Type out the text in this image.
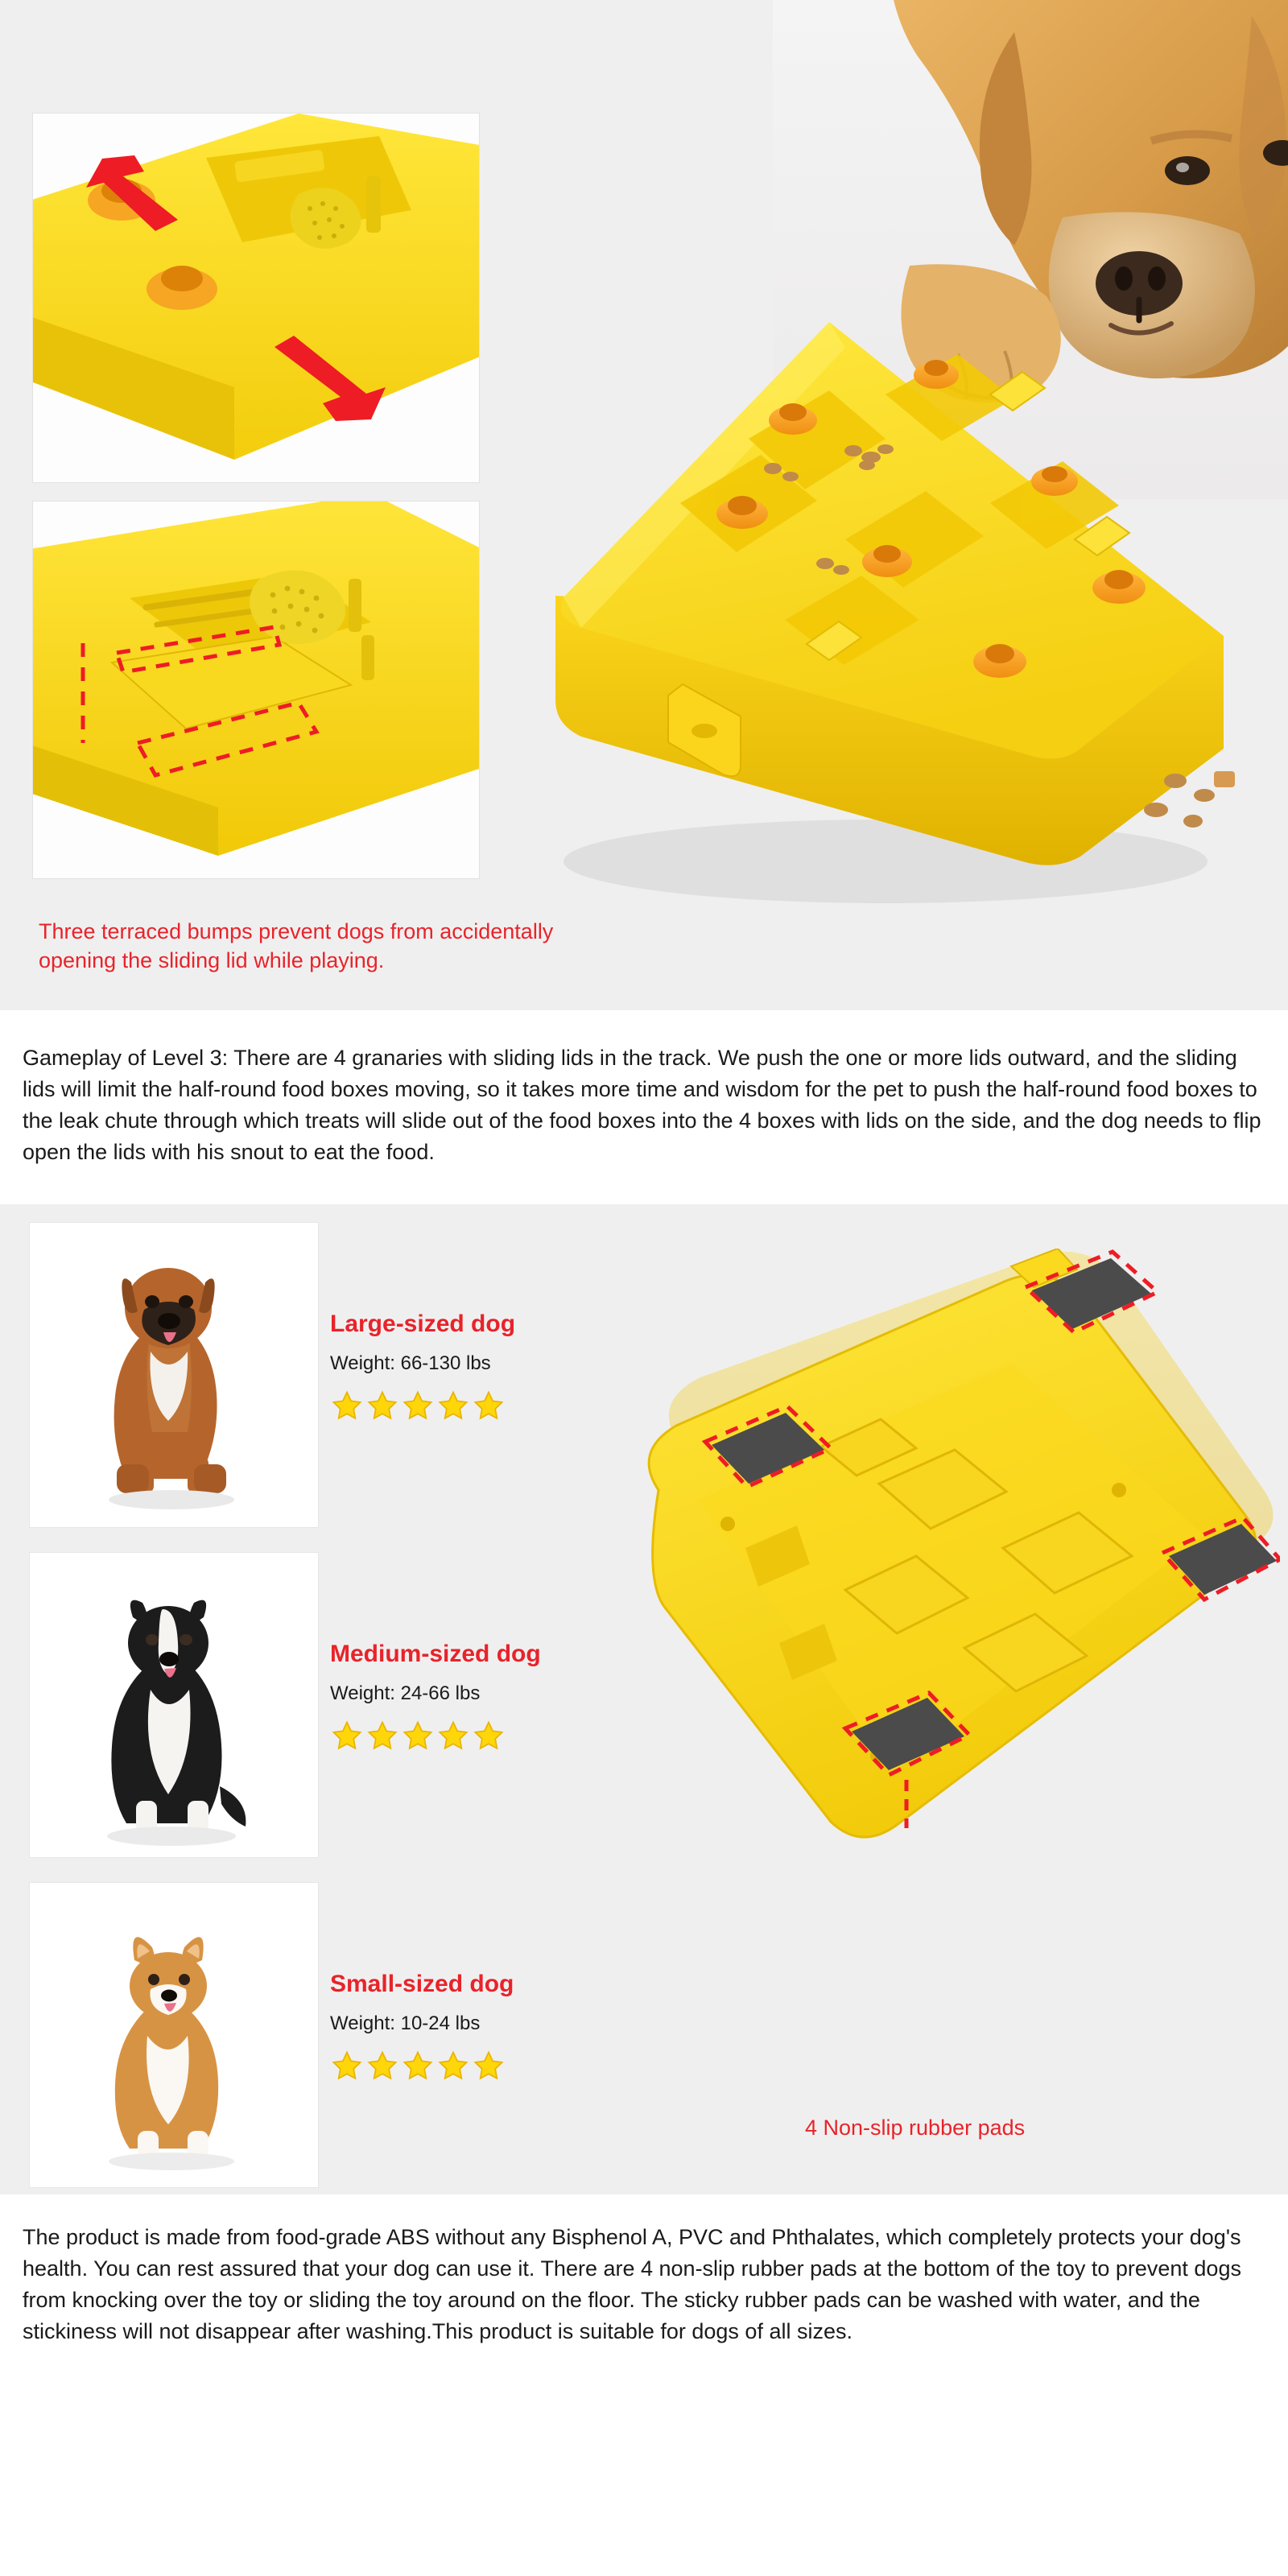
Three terraced bumps prevent dogs from accidentally
opening the sliding lid while playing.

Gameplay of Level 3: There are 4 granaries with sliding lids in the track. We push the one or more lids outward, and the sliding lids will limit the half-round food boxes moving, so it takes more time and wisdom for the pet to push the half-round food boxes to the leak chute through which treats will slide out of the food boxes into the 4 boxes with lids on the side, and the dog needs to flip open the lids with his snout to eat the food.

Large-sized dog

Weight: 66-130 lbs

Medium-sized dog

Weight: 24-66 lbs

Small-sized dog

Weight: 10-24 lbs

4 Non-slip rubber pads

The product is made from food-grade ABS without any Bisphenol A, PVC and Phthalates, which completely protects your dog's health. You can rest assured that your dog can use it. There are 4 non-slip rubber pads at the bottom of the toy to prevent dogs from knocking over the toy or sliding the toy around on the floor. The sticky rubber pads can be washed with water, and the stickiness will not disappear after washing.This product is suitable for dogs of all sizes.
